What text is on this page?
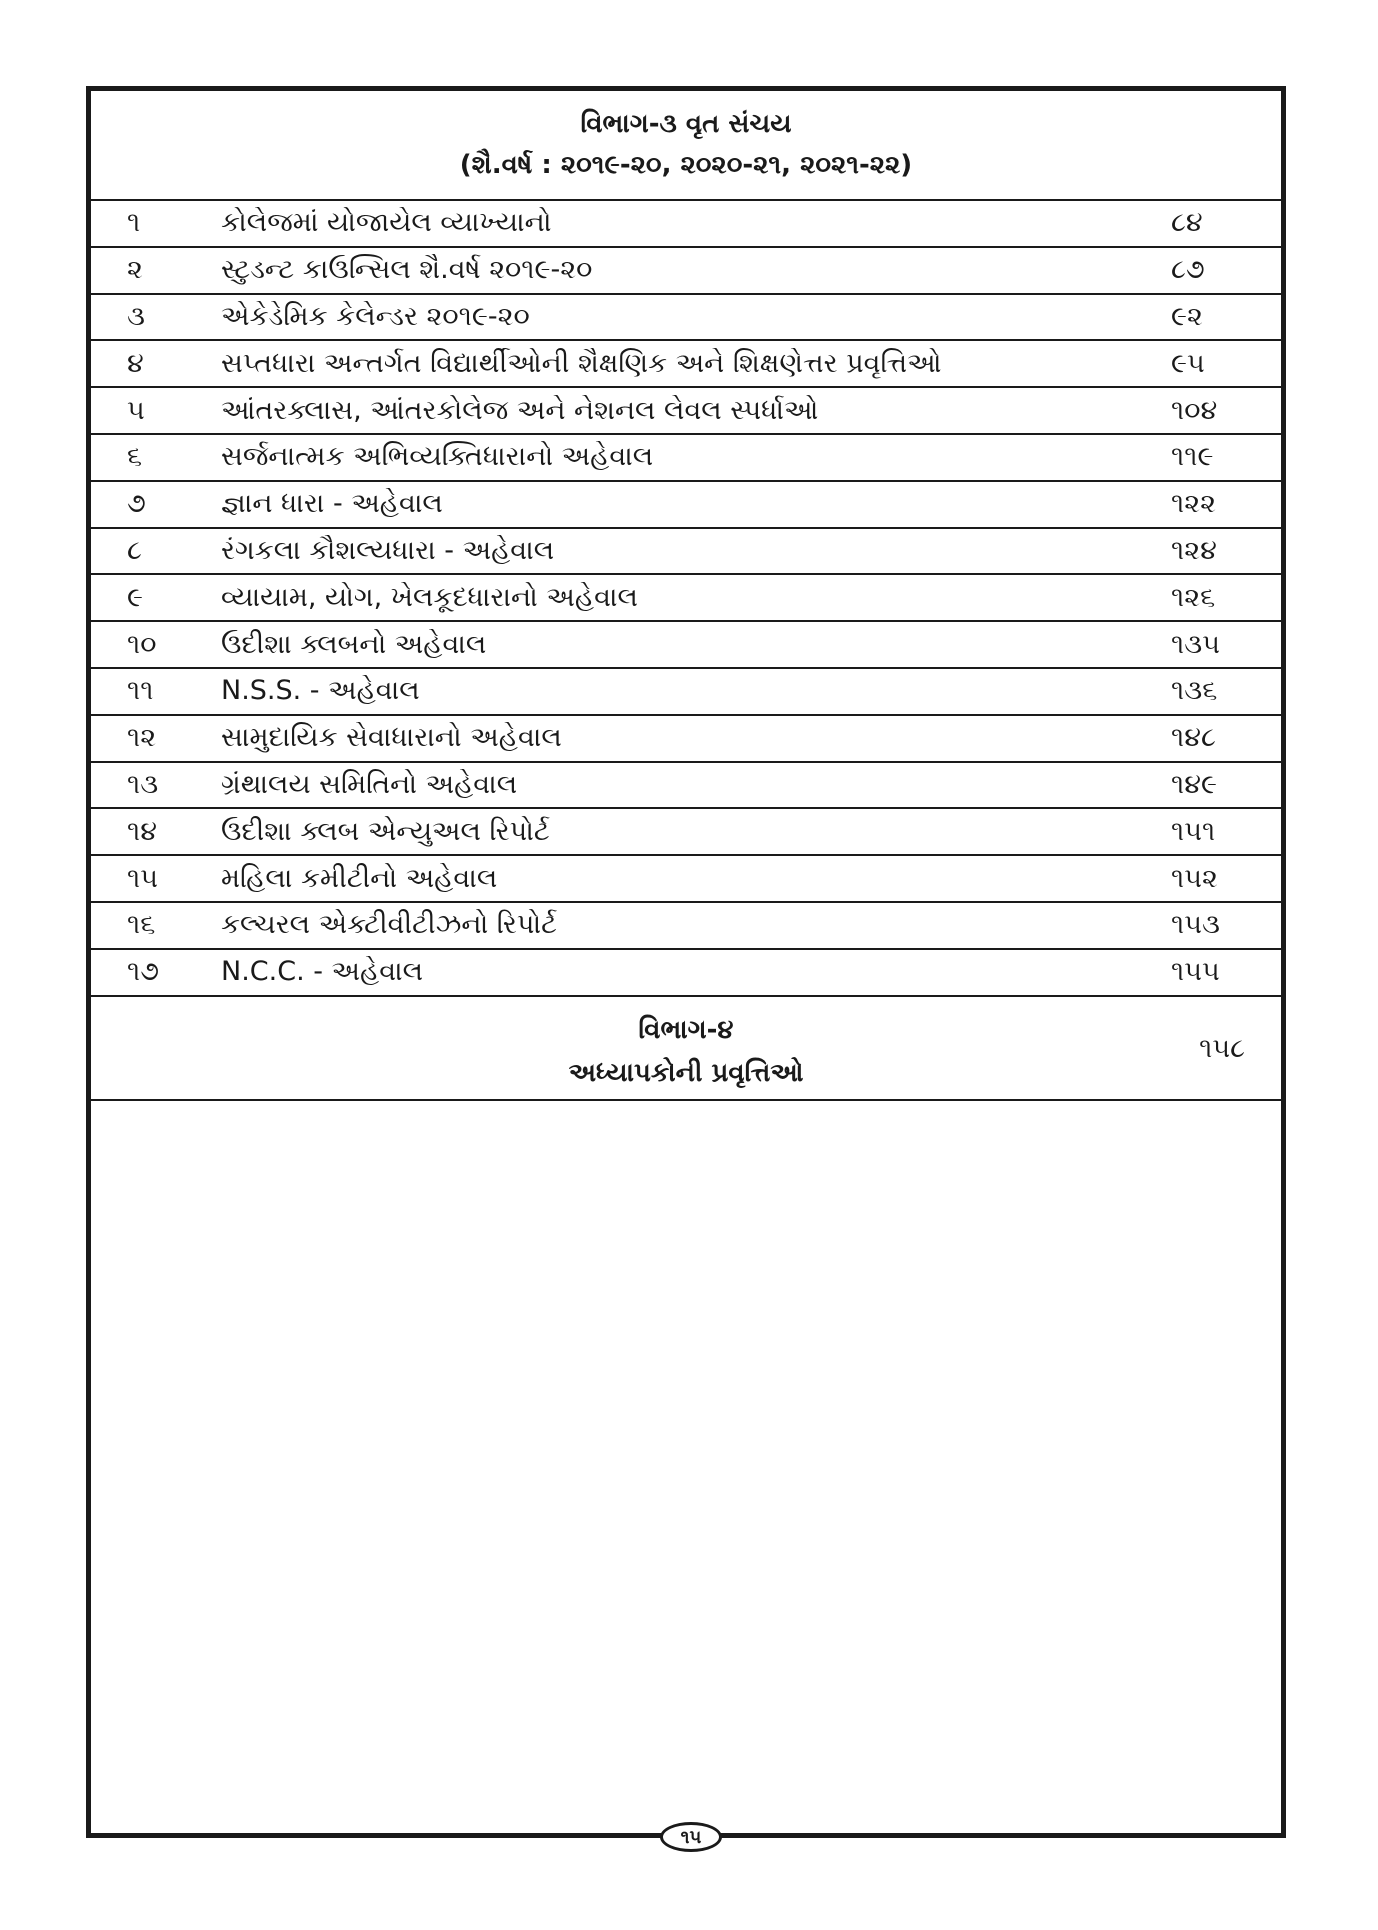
વિભાગ-૩ વૃત સંચય
(શૈ.વર્ષ : ૨૦૧૯-૨૦, ૨૦૨૦-૨૧, ૨૦૨૧-૨૨)
૧	કોલેજમાં યોજાયેલ વ્યાખ્યાનો	૮૪
૨	સ્ટુડન્ટ કાઉન્સિલ શૈ.વર્ષ ૨૦૧૯-૨૦	૮૭
૩	એકેડેમિક કેલેન્ડર ૨૦૧૯-૨૦	૯૨
૪	સપ્તધારા અન્તર્ગત વિદ્યાર્થીઓની શૈક્ષણિક અને શિક્ષણેત્તર પ્રવૃત્તિઓ	૯૫
૫	આંતરક્લાસ, આંતરકોલેજ અને નેશનલ લેવલ સ્પર્ધાઓ	૧૦૪
૬	સર્જનાત્મક અભિવ્યક્તિધારાનો અહેવાલ	૧૧૯
૭	જ્ઞાન ધારા - અહેવાલ	૧૨૨
૮	રંગકલા કૌશલ્યધારા - અહેવાલ	૧૨૪
૯	વ્યાયામ, યોગ, ખેલકૂદધારાનો અહેવાલ	૧૨૬
૧૦	ઉદીશા ક્લબનો અહેવાલ	૧૩૫
૧૧	N.S.S. - અહેવાલ	૧૩૬
૧૨	સામુદાયિક સેવાધારાનો અહેવાલ	૧૪૮
૧૩	ગ્રંથાલય સમિતિનો અહેવાલ	૧૪૯
૧૪	ઉદીશા ક્લબ એન્યુઅલ રિપોર્ટ	૧૫૧
૧૫	મહિલા કમીટીનો અહેવાલ	૧૫૨
૧૬	કલ્ચરલ એક્ટીવીટીઝનો રિપોર્ટ	૧૫૩
૧૭	N.C.C. - અહેવાલ	૧૫૫
વિભાગ-૪
અધ્યાપકોની પ્રવૃત્તિઓ
૧૫૮
૧૫
